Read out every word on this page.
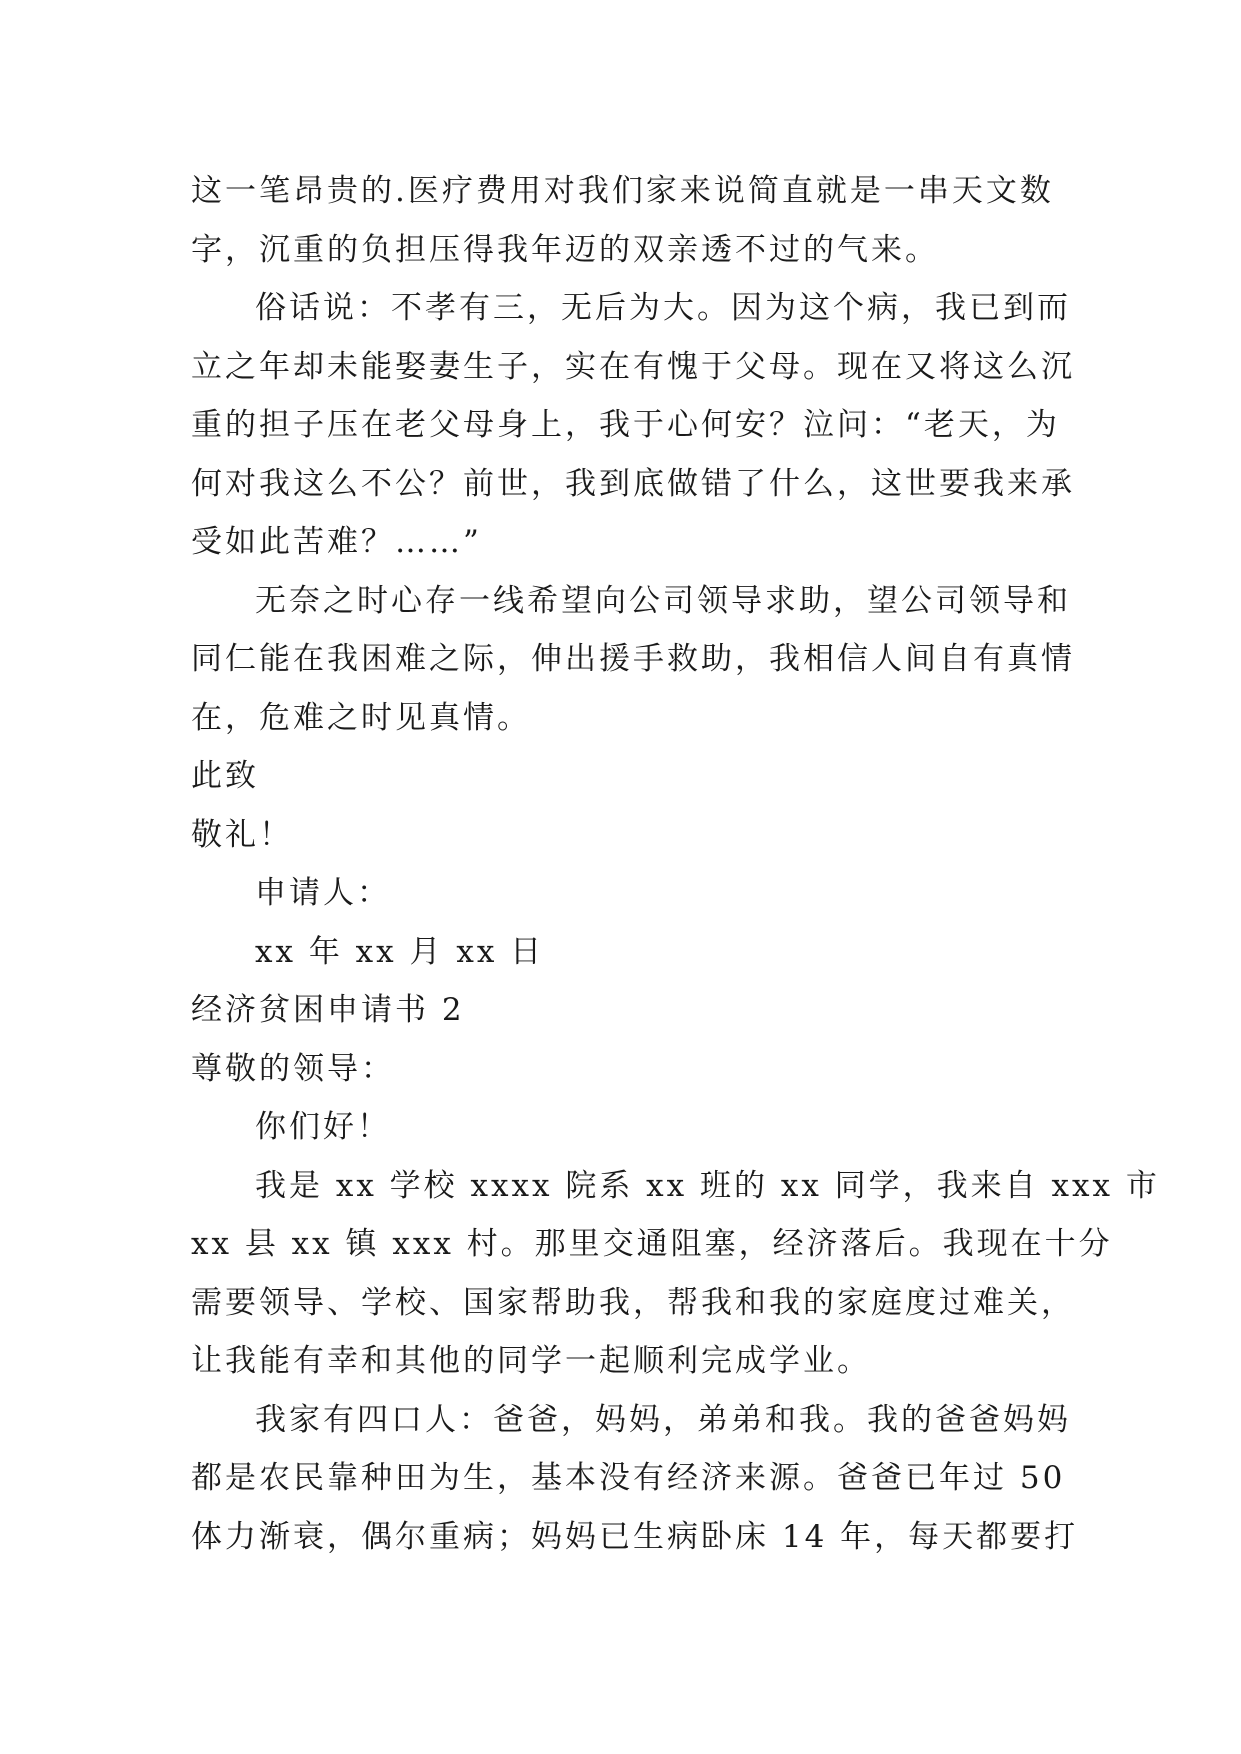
这一笔昂贵的.医疗费用对我们家来说简直就是一串天文数
字，沉重的负担压得我年迈的双亲透不过的气来。
俗话说：不孝有三，无后为大。因为这个病，我已到而
立之年却未能娶妻生子，实在有愧于父母。现在又将这么沉
重的担子压在老父母身上，我于心何安？泣问：“老天，为
何对我这么不公？前世，我到底做错了什么，这世要我来承
受如此苦难？……”
无奈之时心存一线希望向公司领导求助，望公司领导和
同仁能在我困难之际，伸出援手救助，我相信人间自有真情
在，危难之时见真情。
此致
敬礼！
申请人：
xx 年 xx 月 xx 日
经济贫困申请书 2
尊敬的领导：
你们好！
我是 xx 学校 xxxx 院系 xx 班的 xx 同学，我来自 xxx 市
xx 县 xx 镇 xxx 村。那里交通阻塞，经济落后。我现在十分
需要领导、学校、国家帮助我，帮我和我的家庭度过难关，
让我能有幸和其他的同学一起顺利完成学业。
我家有四口人：爸爸，妈妈，弟弟和我。我的爸爸妈妈
都是农民靠种田为生，基本没有经济来源。爸爸已年过 50
体力渐衰，偶尔重病；妈妈已生病卧床 14 年，每天都要打
